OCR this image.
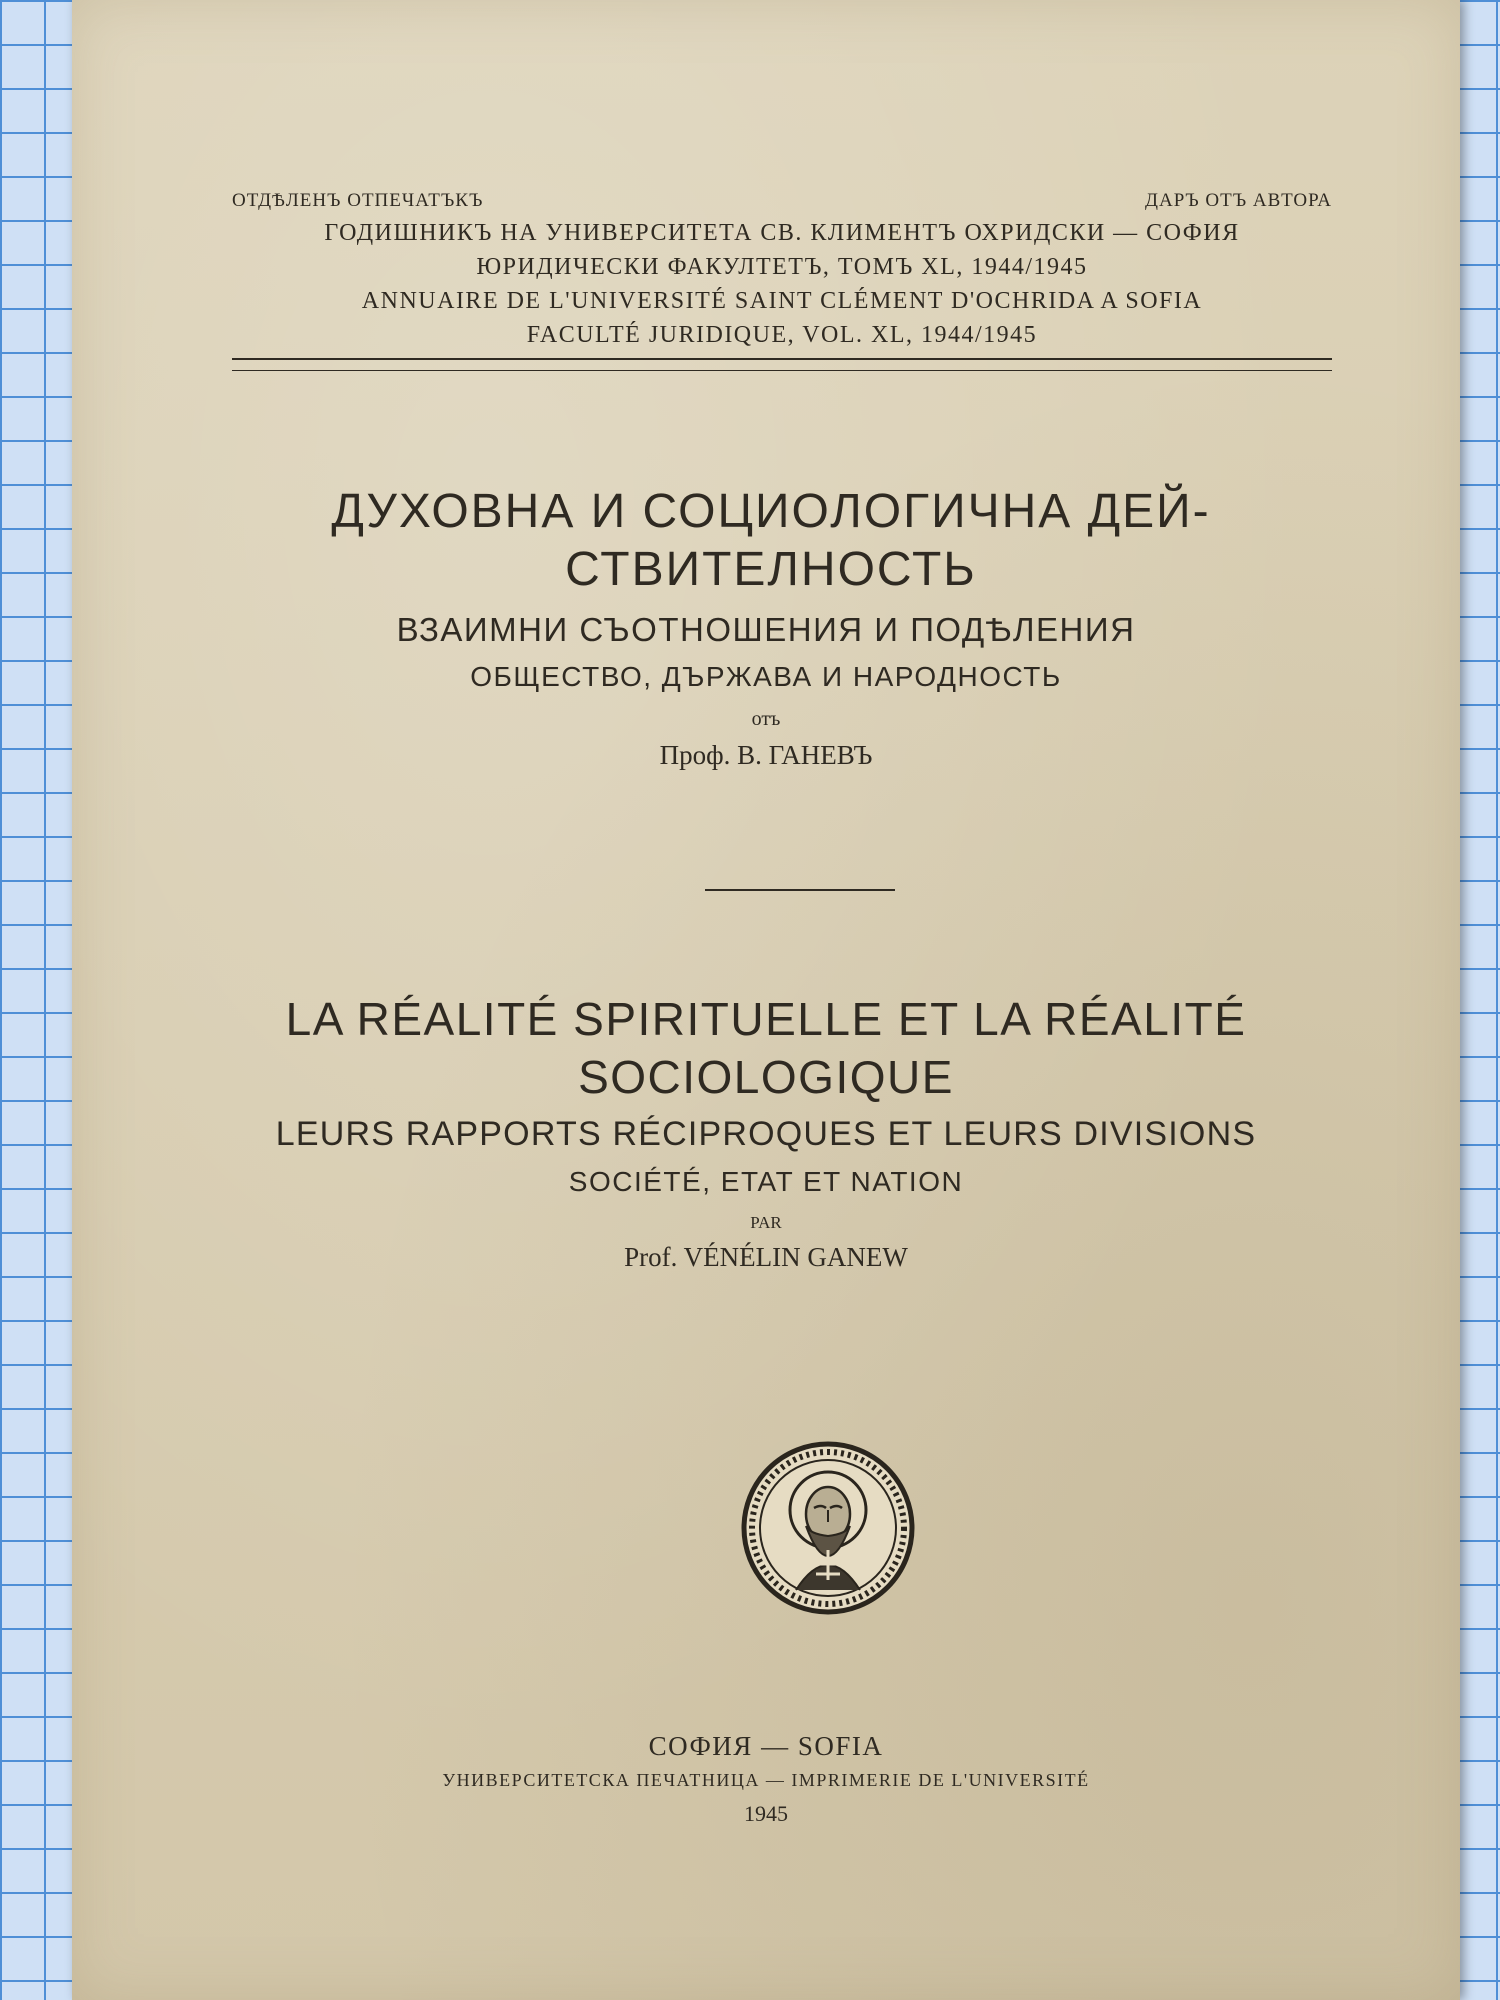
ОТДѢЛЕНЪ ОТПЕЧАТЪКЪ	ДАРЪ ОТЪ АВТОРА
ГОДИШНИКЪ НА УНИВЕРСИТЕТА СВ. КЛИМЕНТЪ ОХРИДСКИ — СОФИЯ
ЮРИДИЧЕСКИ ФАКУЛТЕТЪ, ТОМЪ XL, 1944/1945
ANNUAIRE DE L'UNIVERSITÉ SAINT CLÉMENT D'OCHRIDA A SOFIA
FACULTÉ JURIDIQUE, VOL. XL, 1944/1945
ДУХОВНА И СОЦИОЛОГИЧНА ДЕЙ-
СТВИТЕЛНОСТЬ
ВЗАИМНИ СЪОТНОШЕНИЯ И ПОДѢЛЕНИЯ
ОБЩЕСТВО, ДЪРЖАВА И НАРОДНОСТЬ
отъ
Проф. В. ГАНЕВЪ
LA RÉALITÉ SPIRITUELLE ET LA RÉALITÉ
SOCIOLOGIQUE
LEURS RAPPORTS RÉCIPROQUES ET LEURS DIVISIONS
SOCIÉTÉ, ETAT ET NATION
PAR
Prof. VÉNÉLIN GANEW
СОФИЯ — SOFIA
УНИВЕРСИТЕТСКА ПЕЧАТНИЦА — IMPRIMERIE DE L'UNIVERSITÉ
1945
